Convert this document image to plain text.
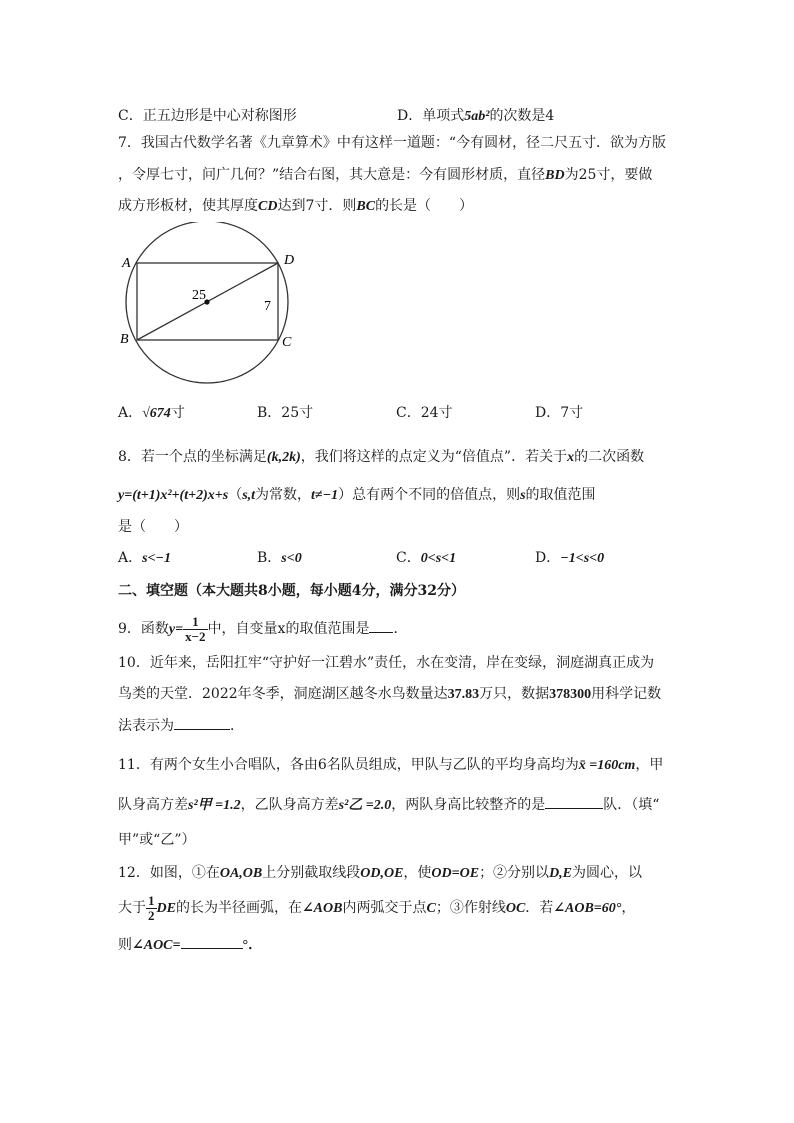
C．正五边形是中心对称图形	D．单项式5ab²的次数是4
7．我国古代数学名著《九章算术》中有这样一道题：“今有圆材，径二尺五寸．欲为方版
，令厚七寸，问广几何？”结合右图，其大意是：今有圆形材质，直径BD为25寸，要做
成方形板材，使其厚度CD达到7寸．则BC的长是（　　）
A
B	C
D
25
7
A．√674寸	B．25寸	C．24寸	D．7寸
8．若一个点的坐标满足(k,2k)，我们将这样的点定义为“倍值点”．若关于x的二次函数
y=(t+1)x²+(t+2)x+s（s,t为常数，t≠−1）总有两个不同的倍值点，则s的取值范围
是（　　）
A．s<−1	B．s<0	C．0<s<1	D．−1<s<0
二、填空题（本大题共8小题，每小题4分，满分32分）
9．函数$y= \frac{1}{x-2}$ 中，自变量x的取值范围是 ．
10．近年来，岳阳扛牢“守护好一江碧水”责任，水在变清，岸在变绿，洞庭湖真正成为
鸟类的天堂．2022年冬季，洞庭湖区越冬水鸟数量达37.83万只，数据378300用科学记数
法表示为	．
11．有两个女生小合唱队，各由6名队员组成，甲队与乙队的平均身高均为x̄ =160cm，甲
队身高方差s²甲 =1.2，乙队身高方差s²乙 =2.0，两队身高比较整齐的是	队．（填“
甲”或“乙”）
12．如图，①在OA,OB上分别截取线段OD,OE，使OD=OE；②分别以D,E为圆心，以
大于 $\frac{1}{2}$ DE的长为半径画弧，在∠AOB内两弧交于点C；③作射线OC．若∠AOB=60°，
则∠AOC=	°．
